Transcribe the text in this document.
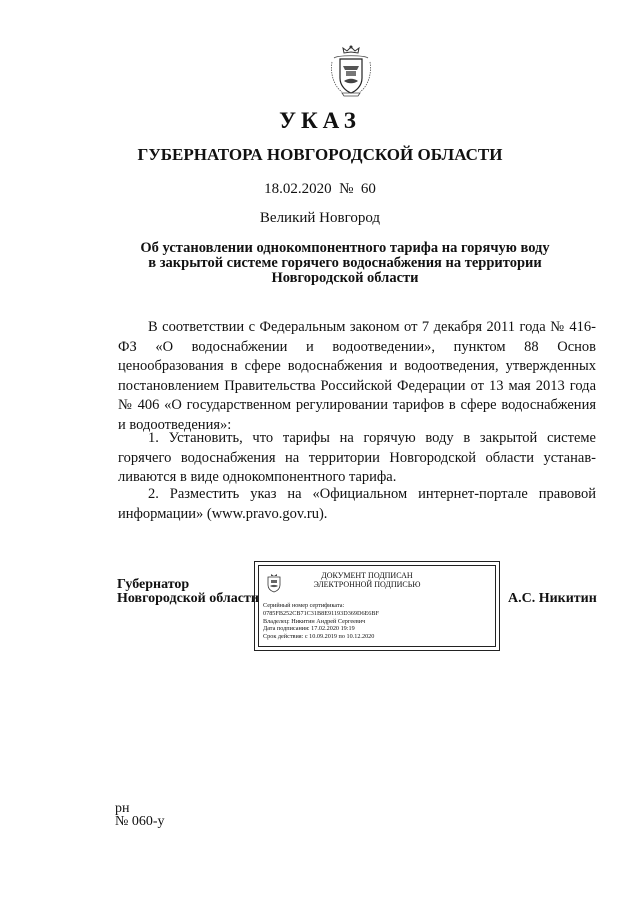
УКАЗ
ГУБЕРНАТОРА НОВГОРОДСКОЙ ОБЛАСТИ
18.02.2020 № 60
Великий Новгород
Об установлении однокомпонентного тарифа на горячую воду
в закрытой системе горячего водоснабжения на территории
Новгородской области
В соответствии с Федеральным законом от 7 декабря 2011 года № 416-ФЗ «О водоснабжении и водоотведении», пунктом 88 Основ ценообразования в сфере водоснабжения и водоотведения, утвержденных постановлением Правительства Российской Федерации от 13 мая 2013 года № 406 «О государственном регулировании тарифов в сфере водоснабжения и водоотведения»:
1. Установить, что тарифы на горячую воду в закрытой системе горячего водоснабжения на территории Новгородской области устанав-ливаются в виде однокомпонентного тарифа.
2. Разместить указ на «Официальном интернет-портале правовой информации» (www.pravo.gov.ru).
Губернатор
Новгородской области
ДОКУМЕНТ ПОДПИСАН
ЭЛЕКТРОННОЙ ПОДПИСЬЮ
Серийный номер сертификата:
0785FB252CB71C31B8E91193D369D6E6BF
Владелец: Никитин Андрей Сергеевич
Дата подписания: 17.02.2020 19:19
Срок действия: с 10.09.2019 по 10.12.2020
А.С. Никитин
рн
№ 060-у
